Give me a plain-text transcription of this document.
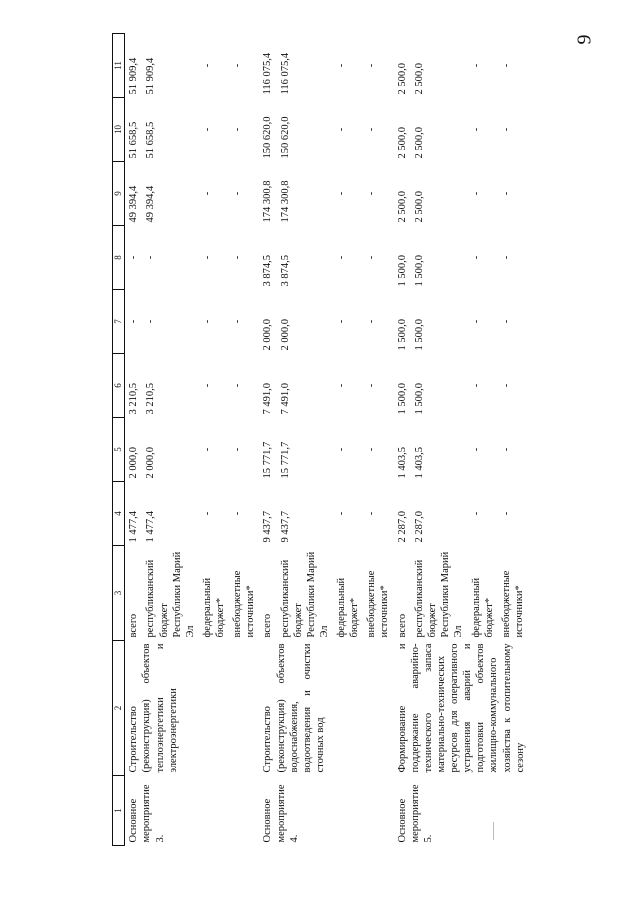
9
1	2	3	4	5	6	7	8	9	10	11
Основное мероприятие 3.	Строительство (реконструкция) объектов теплоэнергетики и электроэнергетики	всего	1 477,4	2 000,0	3 210,5	-	-	49 394,4	51 658,5	51 909,4
		республиканский бюджет Республики Марий Эл	1 477,4	2 000,0	3 210,5	-	-	49 394,4	51 658,5	51 909,4
		федеральный бюджет*	-	-	-	-	-	-	-	-
		внебюджетные источники*	-	-	-	-	-	-	-	-
Основное мероприятие 4.	Строительство (реконструкция) объектов водоснабжения, водоотведения и очистки сточных вод	всего	9 437,7	15 771,7	7 491,0	2 000,0	3 874,5	174 300,8	150 620,0	116 075,4
		республиканский бюджет Республики Марий Эл	9 437,7	15 771,7	7 491,0	2 000,0	3 874,5	174 300,8	150 620,0	116 075,4
		федеральный бюджет*	-	-	-	-	-	-	-	-
		внебюджетные источники*	-	-	-	-	-	-	-	-
Основное мероприятие 5.	Формирование и поддержание аварийно-технического запаса материально-технических ресурсов для оперативного устранения аварий и подготовки объектов жилищно-коммунального хозяйства к отопительному сезону	всего	2 287,0	1 403,5	1 500,0	1 500,0	1 500,0	2 500,0	2 500,0	2 500,0
		республиканский бюджет Республики Марий Эл	2 287,0	1 403,5	1 500,0	1 500,0	1 500,0	2 500,0	2 500,0	2 500,0
		федеральный бюджет*	-	-	-	-	-	-	-	-
		внебюджетные источники*	-	-	-	-	-	-	-	-
